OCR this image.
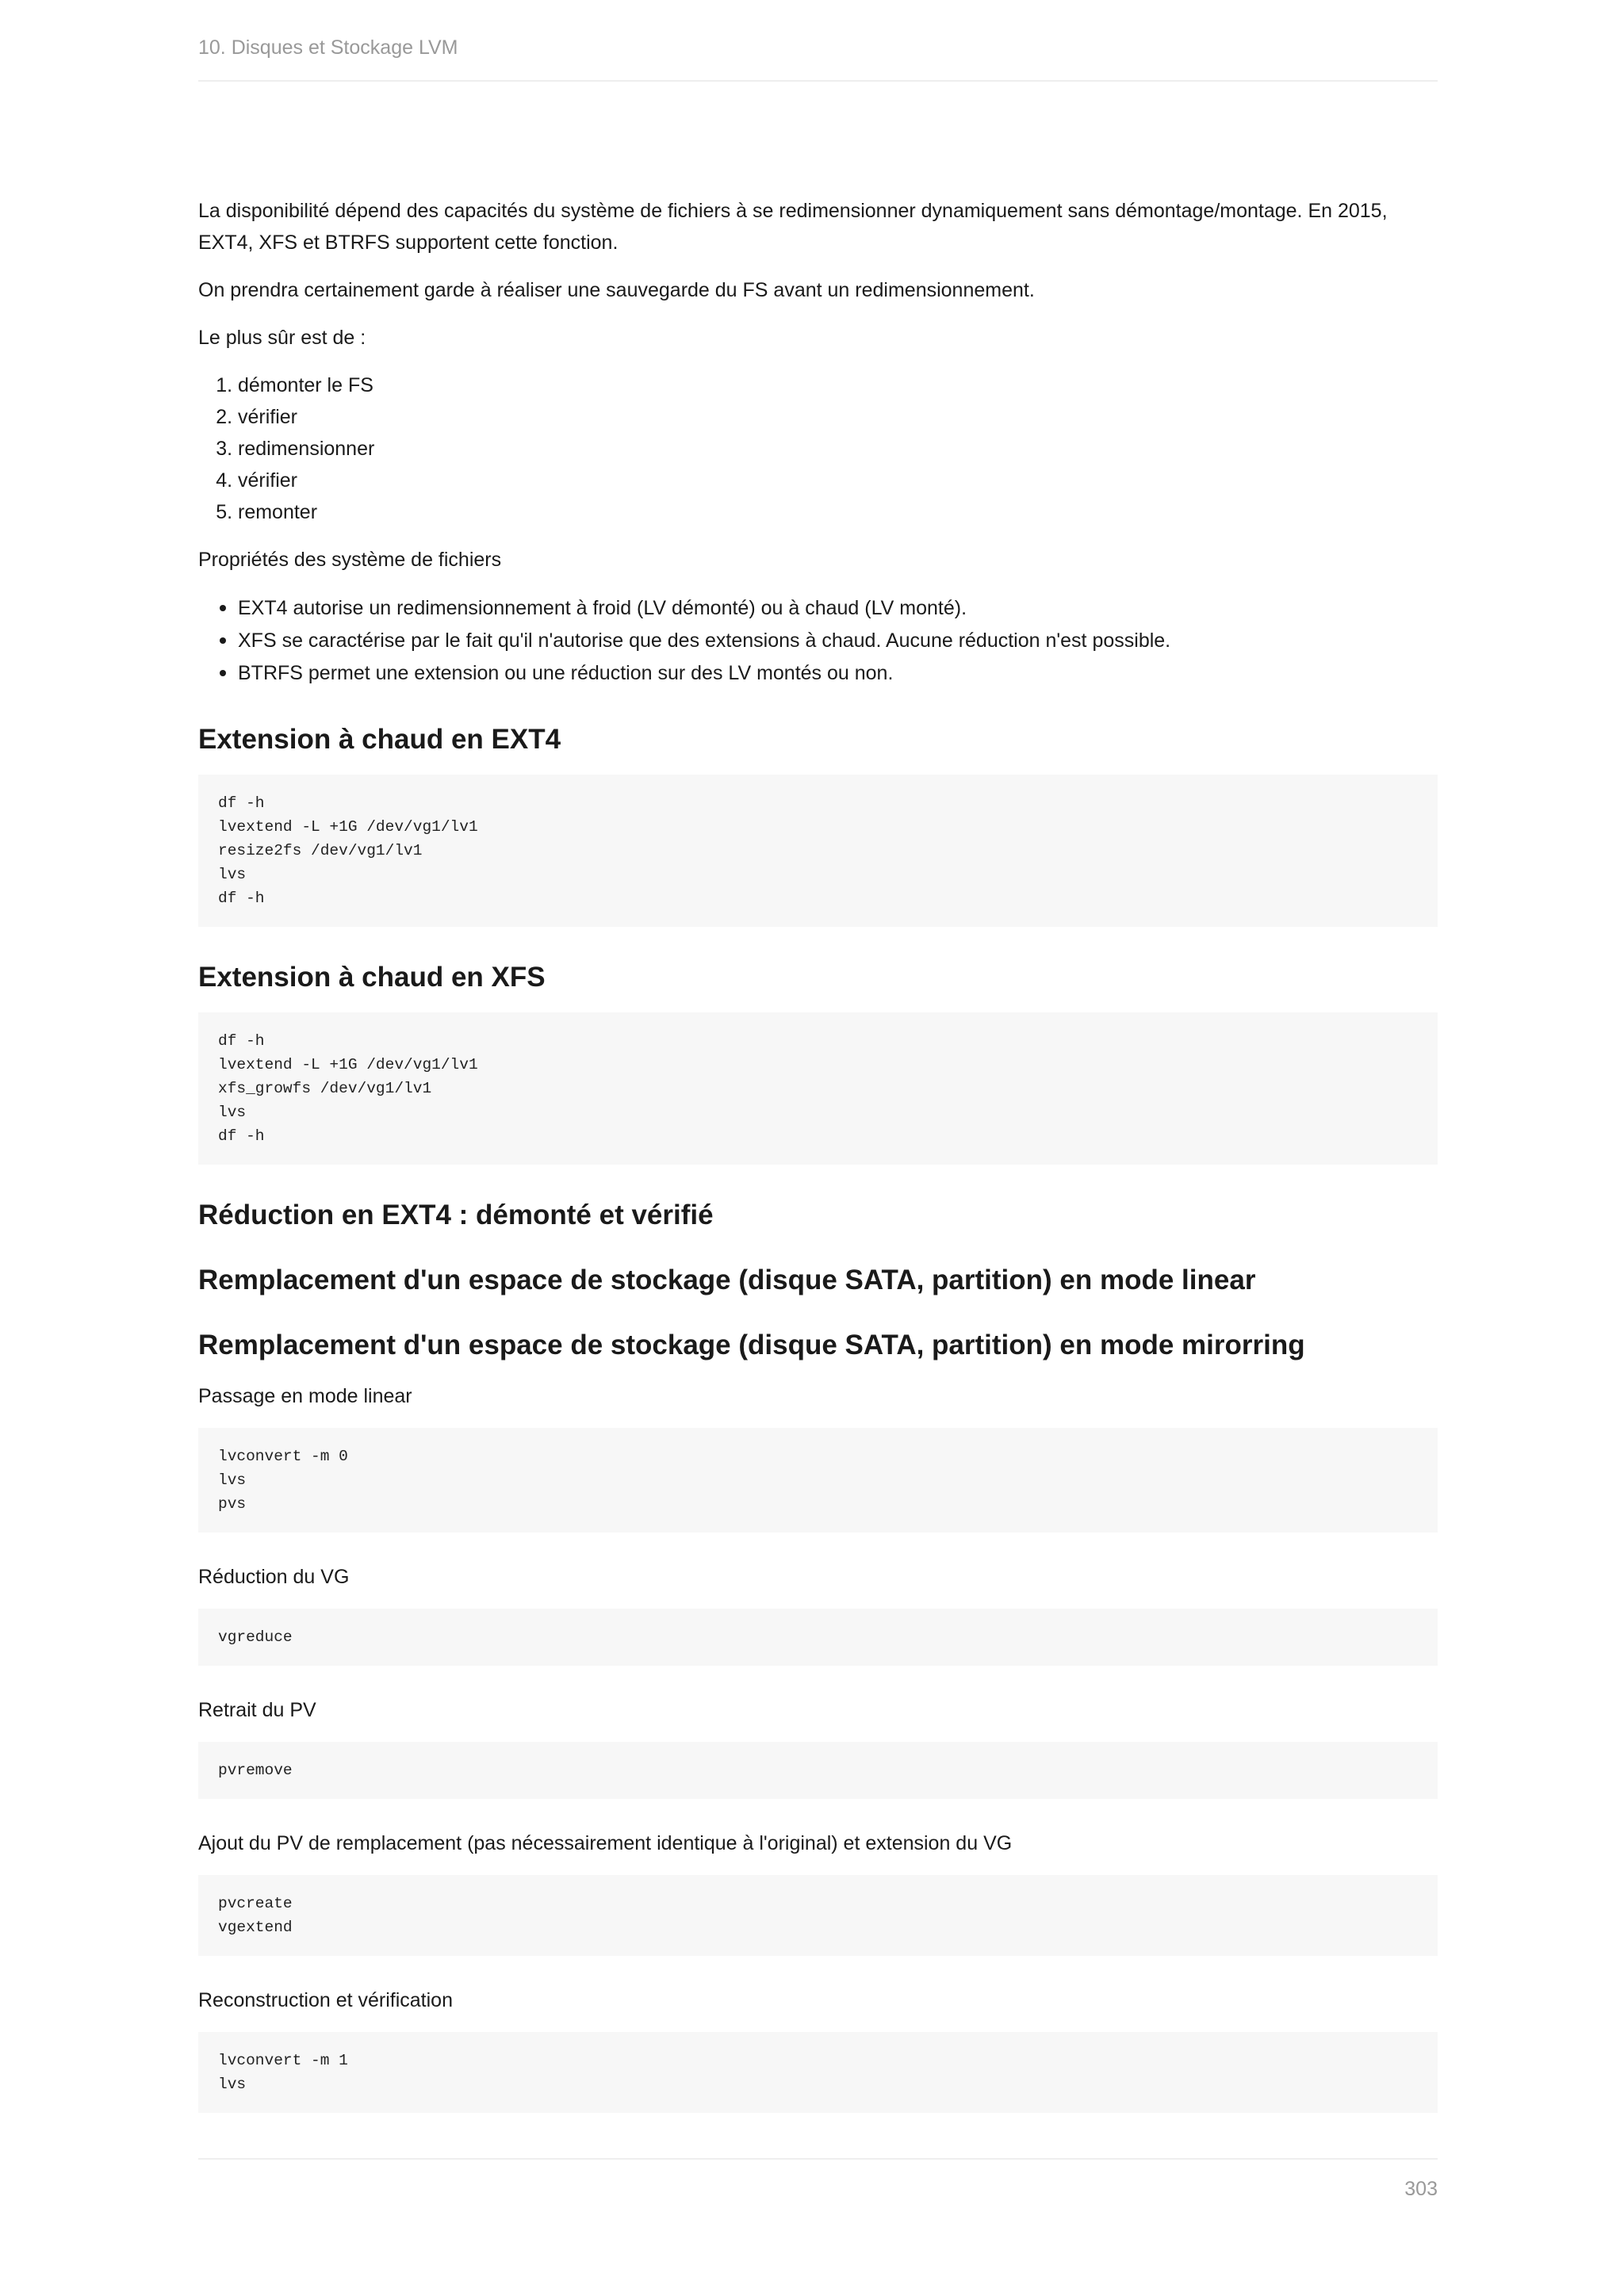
10. Disques et Stockage LVM

La disponibilité dépend des capacités du système de fichiers à se redimensionner dynamiquement sans démontage/montage. En 2015, EXT4, XFS et BTRFS supportent cette fonction.

On prendra certainement garde à réaliser une sauvegarde du FS avant un redimensionnement.

Le plus sûr est de :

1. démonter le FS
2. vérifier
3. redimensionner
4. vérifier
5. remonter

Propriétés des système de fichiers

• EXT4 autorise un redimensionnement à froid (LV démonté) ou à chaud (LV monté).
• XFS se caractérise par le fait qu'il n'autorise que des extensions à chaud. Aucune réduction n'est possible.
• BTRFS permet une extension ou une réduction sur des LV montés ou non.
Extension à chaud en EXT4
df -h
lvextend -L +1G /dev/vg1/lv1
resize2fs /dev/vg1/lv1
lvs
df -h
Extension à chaud en XFS
df -h
lvextend -L +1G /dev/vg1/lv1
xfs_growfs /dev/vg1/lv1
lvs
df -h
Réduction en EXT4 : démonté et vérifié
Remplacement d'un espace de stockage (disque SATA, partition) en mode linear
Remplacement d'un espace de stockage (disque SATA, partition) en mode mirorring

Passage en mode linear

lvconvert -m 0
lvs
pvs

Réduction du VG

vgreduce

Retrait du PV

pvremove

Ajout du PV de remplacement (pas nécessairement identique à l'original) et extension du VG

pvcreate
vgextend

Reconstruction et vérification

lvconvert -m 1
lvs
303
